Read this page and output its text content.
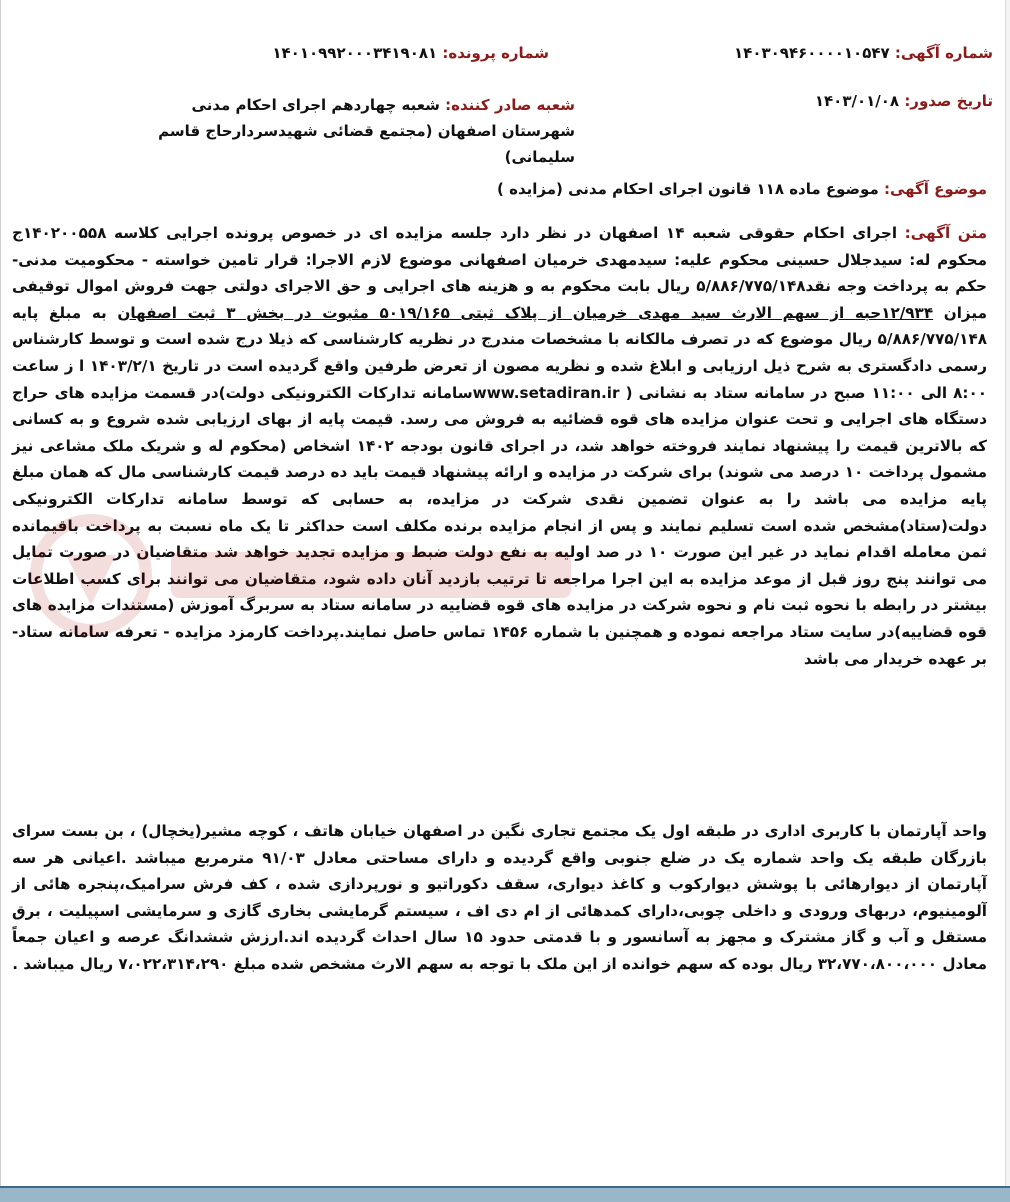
شماره آگهی: ۱۴۰۳۰۹۴۶۰۰۰۰۱۰۵۴۷
شماره پرونده: ۱۴۰۱۰۹۹۲۰۰۰۳۴۱۹۰۸۱
تاریخ صدور: ۱۴۰۳/۰۱/۰۸
شعبه صادر کننده: شعبه چهاردهم اجرای احکام مدنی شهرستان اصفهان (مجتمع قضائی شهیدسردارحاج قاسم سلیمانی)
موضوع آگهی: موضوع ماده ۱۱۸ قانون اجرای احکام مدنی (مزایده )

متن آگهی: اجرای احکام حقوقی شعبه ۱۴ اصفهان در نظر دارد جلسه مزایده ای در خصوص پرونده اجرایی کلاسه ۱۴۰۲۰۰۵۵۸ج محکوم له: سیدجلال حسینی محکوم علیه: سیدمهدی خرمیان اصفهانی موضوع لازم الاجرا: قرار تامین خواسته - محکومیت مدنی- حکم به پرداخت وجه نقد۵/۸۸۶/۷۷۵/۱۴۸ ریال بابت محکوم به و هزینه های اجرایی و حق الاجرای دولتی جهت فروش اموال توقیفی میزان ۱۲/۹۳۴حبه از سهم الارث سید مهدی خرمیان از پلاک ثبتی ۵۰۱۹/۱۶۵ مثبوت در بخش ۳ ثبت اصفهان به مبلغ پایه ۵/۸۸۶/۷۷۵/۱۴۸ ریال موضوع که در تصرف مالکانه با مشخصات مندرج در نظریه کارشناسی که ذیلا درج شده است و توسط کارشناس رسمی دادگستری به شرح ذیل ارزیابی و ابلاغ شده و نظریه مصون از تعرض طرفین واقع گردیده است در تاریخ ۱۴۰۳/۲/۱ ا ز ساعت ۸:۰۰ الی ۱۱:۰۰ صبح در سامانه ستاد به نشانی ( www.setadiran.irسامانه تدارکات الکترونیکی دولت)در قسمت مزایده های حراج دستگاه های اجرایی و تحت عنوان مزایده های قوه قضائیه به فروش می رسد. قیمت پایه از بهای ارزیابی شده شروع و به کسانی که بالاترین قیمت را پیشنهاد نمایند فروخته خواهد شد، در اجرای قانون بودجه ۱۴۰۲ اشخاص (محکوم له و شریک ملک مشاعی نیز مشمول پرداخت ۱۰ درصد می شوند) برای شرکت در مزایده و ارائه پیشنهاد قیمت باید ده درصد قیمت کارشناسی مال که همان مبلغ پایه مزایده می باشد را به عنوان تضمین نقدی شرکت در مزایده، به حسابی که توسط سامانه تدارکات الکترونیکی دولت(ستاد)مشخص شده است تسلیم نمایند و پس از انجام مزایده برنده مکلف است حداکثر تا یک ماه نسبت به پرداخت باقیمانده ثمن معامله اقدام نماید در غیر این صورت ۱۰ در صد اولیه به نفع دولت ضبط و مزایده تجدید خواهد شد متقاضیان در صورت تمایل می توانند پنج روز قبل از موعد مزایده به این اجرا مراجعه تا ترتیب بازدید آنان داده شود، متقاضیان می توانند برای کسب اطلاعات بیشتر در رابطه با نحوه ثبت نام و نحوه شرکت در مزایده های قوه قضاییه در سامانه ستاد به سربرگ آموزش (مستندات مزایده های قوه قضاییه)در سایت ستاد مراجعه نموده و همچنین با شماره ۱۴۵۶ تماس حاصل نمایند.پرداخت کارمزد مزایده - تعرفه سامانه ستاد- بر عهده خریدار می باشد

واحد آپارتمان با کاربری اداری در طبقه اول یک مجتمع تجاری نگین در اصفهان خیابان هاتف ، کوچه مشیر(یخچال) ، بن بست سرای بازرگان طبقه یک واحد شماره یک در ضلع جنوبی واقع گردیده و دارای مساحتی معادل ۹۱/۰۳ مترمربع میباشد .اعیانی هر سه آپارتمان از دیوارهائی با پوشش دیوارکوب و کاغذ دیواری، سقف دکوراتیو و نورپردازی شده ، کف فرش سرامیک،پنجره هائی از آلومینیوم، دربهای ورودی و داخلی چوبی،دارای کمدهائی از ام دی اف ، سیستم گرمایشی بخاری گازی و سرمایشی اسپیلیت ، برق مستقل و آب و گاز مشترک و مجهز به آسانسور و با قدمتی حدود ۱۵ سال احداث گردیده اند.ارزش ششدانگ عرصه و اعیان جمعاً معادل ۳۲،۷۷۰،۸۰۰،۰۰۰ ریال بوده که سهم خوانده از این ملک با توجه به سهم الارث مشخص شده مبلغ ۷،۰۲۲،۳۱۴،۲۹۰ ریال میباشد .
